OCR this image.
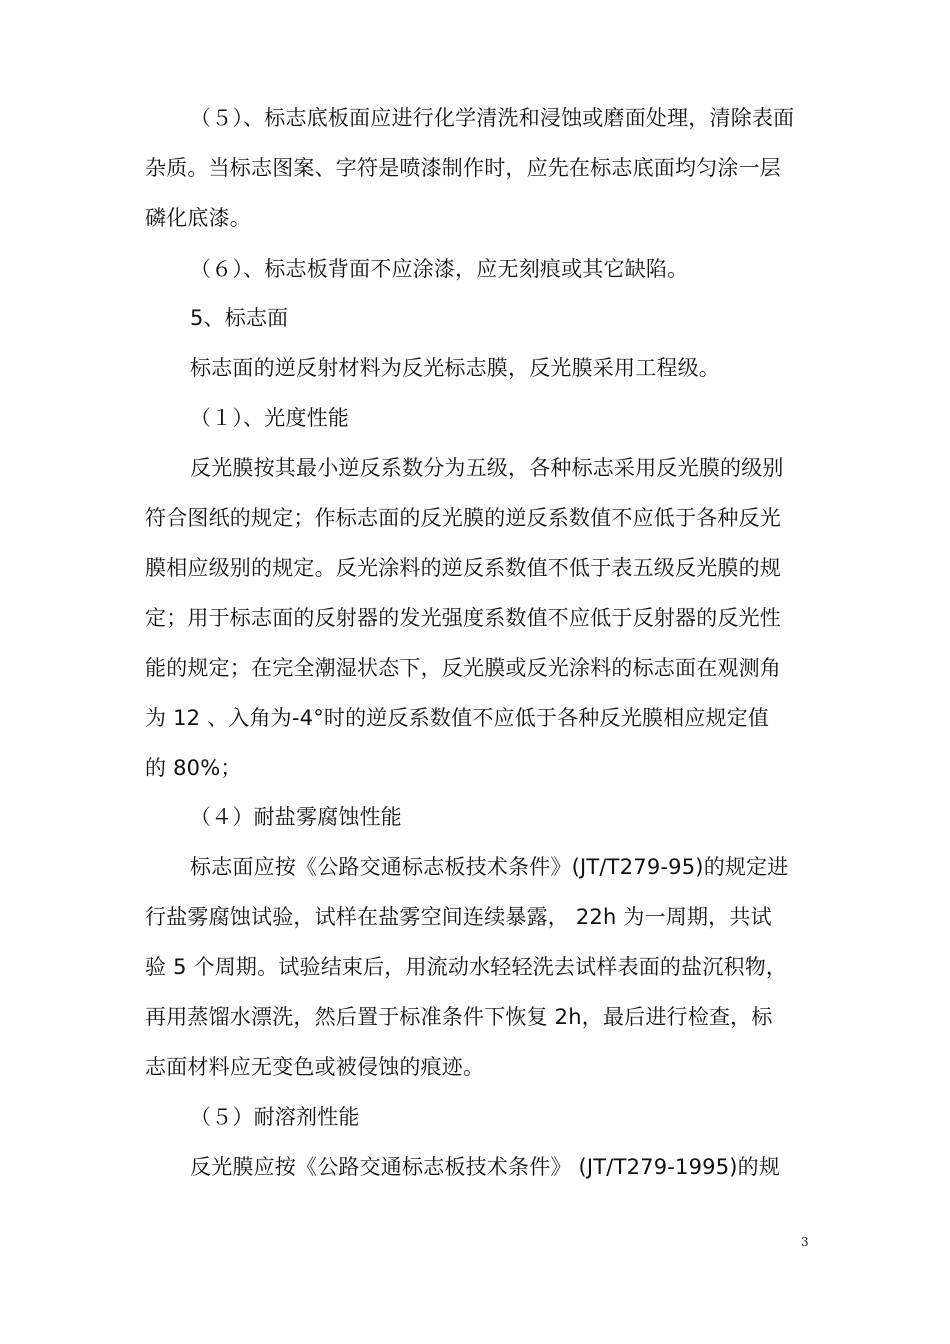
（５）、标志底板面应进行化学清洗和浸蚀或磨面处理，清除表面
杂质。当标志图案、字符是喷漆制作时，应先在标志底面均匀涂一层
磷化底漆。
（６）、标志板背面不应涂漆，应无刻痕或其它缺陷。
5、标志面
标志面的逆反射材料为反光标志膜，反光膜采用工程级。
（１）、光度性能
反光膜按其最小逆反系数分为五级，各种标志采用反光膜的级别
符合图纸的规定；作标志面的反光膜的逆反系数值不应低于各种反光
膜相应级别的规定。反光涂料的逆反系数值不低于表五级反光膜的规
定；用于标志面的反射器的发光强度系数值不应低于反射器的反光性
能的规定；在完全潮湿状态下，反光膜或反光涂料的标志面在观测角
为 12 、入角为-4°时的逆反系数值不应低于各种反光膜相应规定值
的 80%；
（４）耐盐雾腐蚀性能
标志面应按《公路交通标志板技术条件》(JT/T279-95)的规定进
行盐雾腐蚀试验，试样在盐雾空间连续暴露， 22h 为一周期，共试
验 5 个周期。试验结束后，用流动水轻轻洗去试样表面的盐沉积物，
再用蒸馏水漂洗，然后置于标准条件下恢复 2h，最后进行检查，标
志面材料应无变色或被侵蚀的痕迹。
（５）耐溶剂性能
反光膜应按《公路交通标志板技术条件》 (JT/T279-1995)的规
3
